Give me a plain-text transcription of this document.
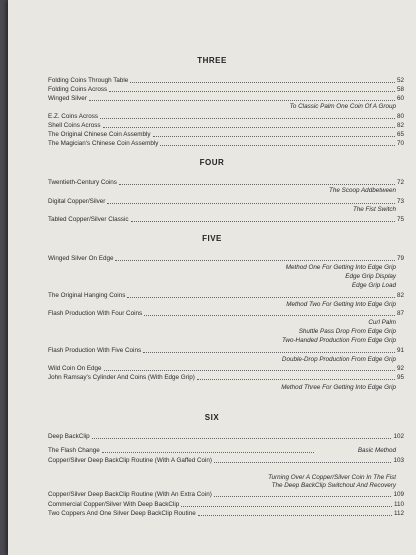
THREE
Folding Coins Through Table	52
Folding Coins Across	58
Winged Silver	60
To Classic Palm One Coin Of A Group
E.Z. Coins Across	80
Shell Coins Across	82
The Original Chinese Coin Assembly	65
The Magician's Chinese Coin Assembly	70
FOUR
Twentieth-Century Coins	72
The Scoop Addbetween
Digital Copper/Silver	73
The Fist Switch
Tabled Copper/Silver Classic	75
FIVE
Winged Silver On Edge	79
Method One For Getting Into Edge Grip
Edge Grip Display
Edge Grip Load
The Original Hanging Coins	82
Method Two For Getting Into Edge Grip
Flash Production With Four Coins	87
Curl Palm
Shuttle Pass Drop From Edge Grip
Two-Handed Production From Edge Grip
Flash Production With Five Coins	91
Double-Drop Production From Edge Grip
Wild Coin On Edge	92
John Ramsay's Cylinder And Coins (With Edge Grip)	95
Method Three For Getting Into Edge Grip
SIX
Deep BackClip	102
The Flash Change	Basic Method
Copper/Silver Deep BackClip Routine (With A Gaffed Coin)	103
Turning Over A Copper/Silver Coin In The Fist
The Deep BackClip Switchout And Recovery
Copper/Silver Deep BackClip Routine (With An Extra Coin)	109
Commercial Copper/Silver With Deep BackClip	110
Two Coppers And One Silver Deep BackClip Routine	112
